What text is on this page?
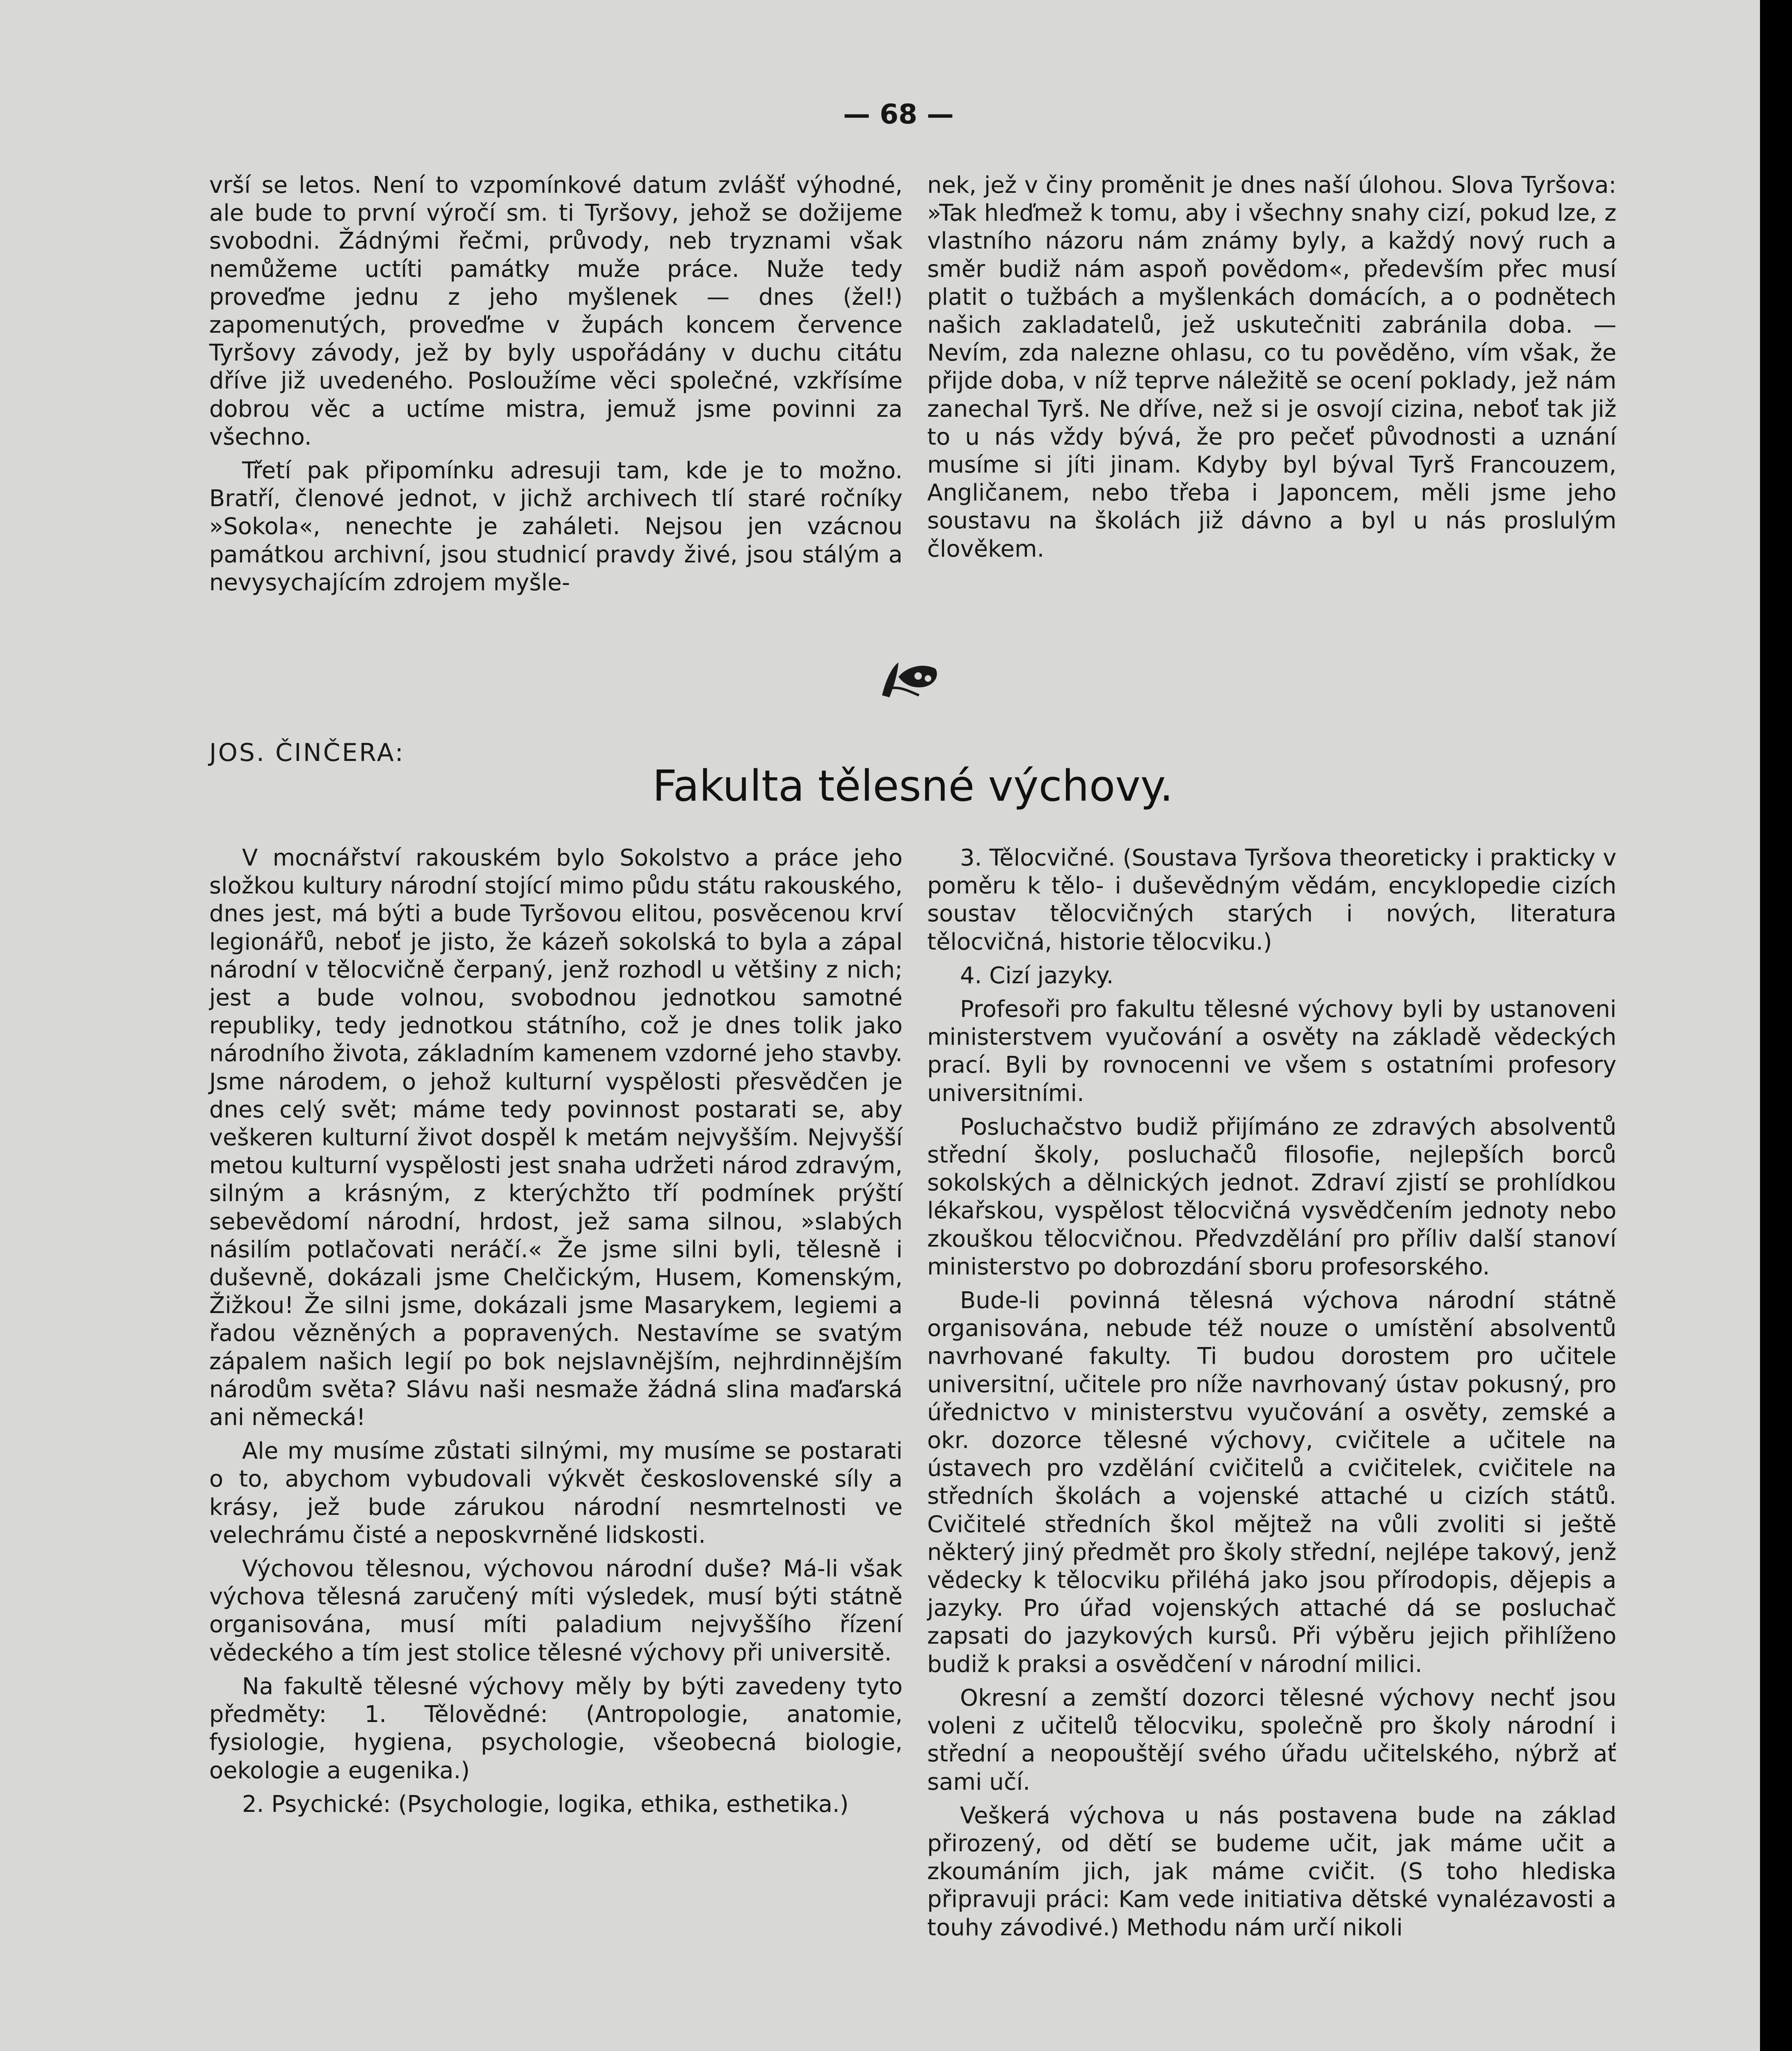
— 68 —

vrší se letos. Není to vzpomínkové datum zvlášť výhodné, ale bude to první výročí sm. ti Tyršovy, jehož se dožijeme svobodni. Žádnými řečmi, průvody, neb tryznami však nemůžeme uctíti památky muže práce. Nuže tedy proveďme jednu z jeho myšlenek — dnes (žel!) zapomenutých, proveďme v župách koncem července Tyršovy závody, jež by byly uspořádány v duchu citátu dříve již uvedeného. Posloužíme věci společné, vzkřísíme dobrou věc a uctíme mistra, jemuž jsme povinni za všechno.

Třetí pak připomínku adresuji tam, kde je to možno. Bratří, členové jednot, v jichž archivech tlí staré ročníky »Sokola«, nenechte je zaháleti. Nejsou jen vzácnou památkou archivní, jsou studnicí pravdy živé, jsou stálým a nevysychajícím zdrojem myšle-

nek, jež v činy proměnit je dnes naší úlohou. Slova Tyršova: »Tak hleďmež k tomu, aby i všechny snahy cizí, pokud lze, z vlastního názoru nám známy byly, a každý nový ruch a směr budiž nám aspoň povědom«, především přec musí platit o tužbách a myšlenkách domácích, a o podnětech našich zakladatelů, jež uskutečniti zabránila doba. — Nevím, zda nalezne ohlasu, co tu pověděno, vím však, že přijde doba, v níž teprve náležitě se ocení poklady, jež nám zanechal Tyrš. Ne dříve, než si je osvojí cizina, neboť tak již to u nás vždy bývá, že pro pečeť původnosti a uznání musíme si jíti jinam. Kdyby byl býval Tyrš Francouzem, Angličanem, nebo třeba i Japoncem, měli jsme jeho soustavu na školách již dávno a byl u nás proslulým člověkem.

JOS. ČINČERA:
Fakulta tělesné výchovy.

V mocnářství rakouském bylo Sokolstvo a práce jeho složkou kultury národní stojící mimo půdu státu rakouského, dnes jest, má býti a bude Tyršovou elitou, posvěcenou krví legionářů, neboť je jisto, že kázeň sokolská to byla a zápal národní v tělocvičně čerpaný, jenž rozhodl u většiny z nich; jest a bude volnou, svobodnou jednotkou samotné republiky, tedy jednotkou státního, což je dnes tolik jako národního života, základním kamenem vzdorné jeho stavby. Jsme národem, o jehož kulturní vyspělosti přesvědčen je dnes celý svět; máme tedy povinnost postarati se, aby veškeren kulturní život dospěl k metám nejvyšším. Nejvyšší metou kulturní vyspělosti jest snaha udržeti národ zdravým, silným a krásným, z kterýchžto tří podmínek prýští sebevědomí národní, hrdost, jež sama silnou, »slabých násilím potlačovati neráčí.« Že jsme silni byli, tělesně i duševně, dokázali jsme Chelčickým, Husem, Komenským, Žižkou! Že silni jsme, dokázali jsme Masarykem, legiemi a řadou vězněných a popravených. Nestavíme se svatým zápalem našich legií po bok nejslavnějším, nejhrdinnějším národům světa? Slávu naši nesmaže žádná slina maďarská ani německá!

Ale my musíme zůstati silnými, my musíme se postarati o to, abychom vybudovali výkvět československé síly a krásy, jež bude zárukou národní nesmrtelnosti ve velechrámu čisté a neposkvrněné lidskosti.

Výchovou tělesnou, výchovou národní duše? Má-li však výchova tělesná zaručený míti výsledek, musí býti státně organisována, musí míti paladium nejvyššího řízení vědeckého a tím jest stolice tělesné výchovy při universitě.

Na fakultě tělesné výchovy měly by býti zavedeny tyto předměty: 1. Tělovědné: (Antropologie, anatomie, fysiologie, hygiena, psychologie, všeobecná biologie, oekologie a eugenika.)

2. Psychické: (Psychologie, logika, ethika, esthetika.)

3. Tělocvičné. (Soustava Tyršova theoreticky i prakticky v poměru k tělo- i duševědným vědám, encyklopedie cizích soustav tělocvičných starých i nových, literatura tělocvičná, historie tělocviku.)

4. Cizí jazyky.

Profesoři pro fakultu tělesné výchovy byli by ustanoveni ministerstvem vyučování a osvěty na základě vědeckých prací. Byli by rovnocenni ve všem s ostatními profesory universitními.

Posluchačstvo budiž přijímáno ze zdravých absolventů střední školy, posluchačů filosofie, nejlepších borců sokolských a dělnických jednot. Zdraví zjistí se prohlídkou lékařskou, vyspělost tělocvičná vysvědčením jednoty nebo zkouškou tělocvičnou. Předvzdělání pro příliv další stanoví ministerstvo po dobrozdání sboru profesorského.

Bude-li povinná tělesná výchova národní státně organisována, nebude též nouze o umístění absolventů navrhované fakulty. Ti budou dorostem pro učitele universitní, učitele pro níže navrhovaný ústav pokusný, pro úřednictvo v ministerstvu vyučování a osvěty, zemské a okr. dozorce tělesné výchovy, cvičitele a učitele na ústavech pro vzdělání cvičitelů a cvičitelek, cvičitele na středních školách a vojenské attaché u cizích států. Cvičitelé středních škol mějtež na vůli zvoliti si ještě některý jiný předmět pro školy střední, nejlépe takový, jenž vědecky k tělocviku přiléhá jako jsou přírodopis, dějepis a jazyky. Pro úřad vojenských attaché dá se posluchač zapsati do jazykových kursů. Při výběru jejich přihlíženo budiž k praksi a osvědčení v národní milici.

Okresní a zemští dozorci tělesné výchovy nechť jsou voleni z učitelů tělocviku, společně pro školy národní i střední a neopouštějí svého úřadu učitelského, nýbrž ať sami učí.

Veškerá výchova u nás postavena bude na základ přirozený, od dětí se budeme učit, jak máme učit a zkoumáním jich, jak máme cvičit. (S toho hlediska připravuji práci: Kam vede initiativa dětské vynalézavosti a touhy závodivé.) Methodu nám určí nikoli
